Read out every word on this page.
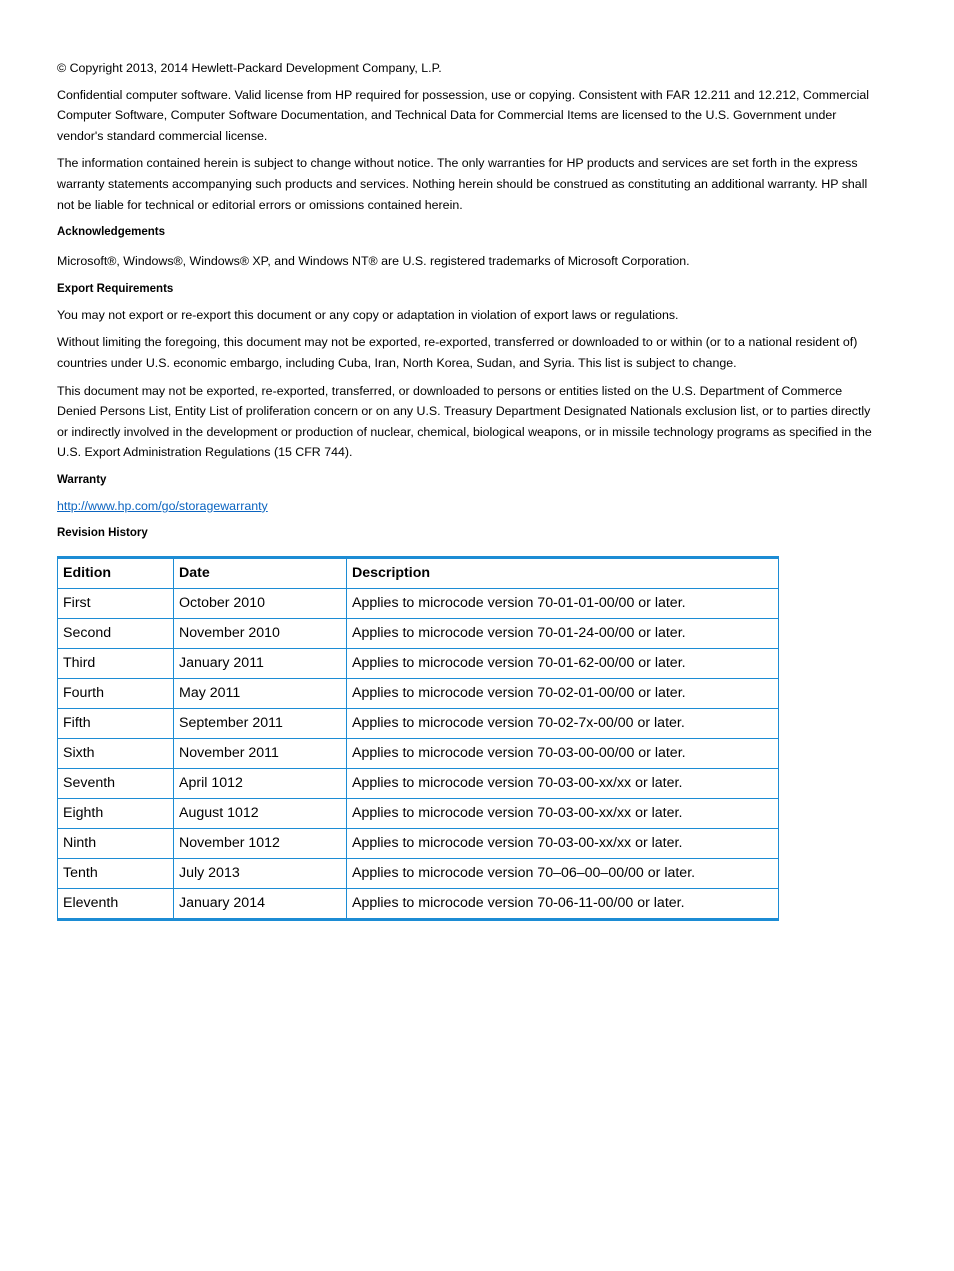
© Copyright 2013, 2014 Hewlett-Packard Development Company, L.P.

Confidential computer software. Valid license from HP required for possession, use or copying. Consistent with FAR 12.211 and 12.212, Commercial Computer Software, Computer Software Documentation, and Technical Data for Commercial Items are licensed to the U.S. Government under vendor's standard commercial license.

The information contained herein is subject to change without notice. The only warranties for HP products and services are set forth in the express warranty statements accompanying such products and services. Nothing herein should be construed as constituting an additional warranty. HP shall not be liable for technical or editorial errors or omissions contained herein.

Acknowledgements

Microsoft®, Windows®, Windows® XP, and Windows NT® are U.S. registered trademarks of Microsoft Corporation.

Export Requirements

You may not export or re-export this document or any copy or adaptation in violation of export laws or regulations.

Without limiting the foregoing, this document may not be exported, re-exported, transferred or downloaded to or within (or to a national resident of) countries under U.S. economic embargo, including Cuba, Iran, North Korea, Sudan, and Syria. This list is subject to change.

This document may not be exported, re-exported, transferred, or downloaded to persons or entities listed on the U.S. Department of Commerce Denied Persons List, Entity List of proliferation concern or on any U.S. Treasury Department Designated Nationals exclusion list, or to parties directly or indirectly involved in the development or production of nuclear, chemical, biological weapons, or in missile technology programs as specified in the U.S. Export Administration Regulations (15 CFR 744).

Warranty
http://www.hp.com/go/storagewarranty
Revision History
Edition	Date	Description
First	October 2010	Applies to microcode version 70-01-01-00/00 or later.
Second	November 2010	Applies to microcode version 70-01-24-00/00 or later.
Third	January 2011	Applies to microcode version 70-01-62-00/00 or later.
Fourth	May 2011	Applies to microcode version 70-02-01-00/00 or later.
Fifth	September 2011	Applies to microcode version 70-02-7x-00/00 or later.
Sixth	November 2011	Applies to microcode version 70-03-00-00/00 or later.
Seventh	April 1012	Applies to microcode version 70-03-00-xx/xx or later.
Eighth	August 1012	Applies to microcode version 70-03-00-xx/xx or later.
Ninth	November 1012	Applies to microcode version 70-03-00-xx/xx or later.
Tenth	July 2013	Applies to microcode version 70–06–00–00/00 or later.
Eleventh	January 2014	Applies to microcode version 70-06-11-00/00 or later.
